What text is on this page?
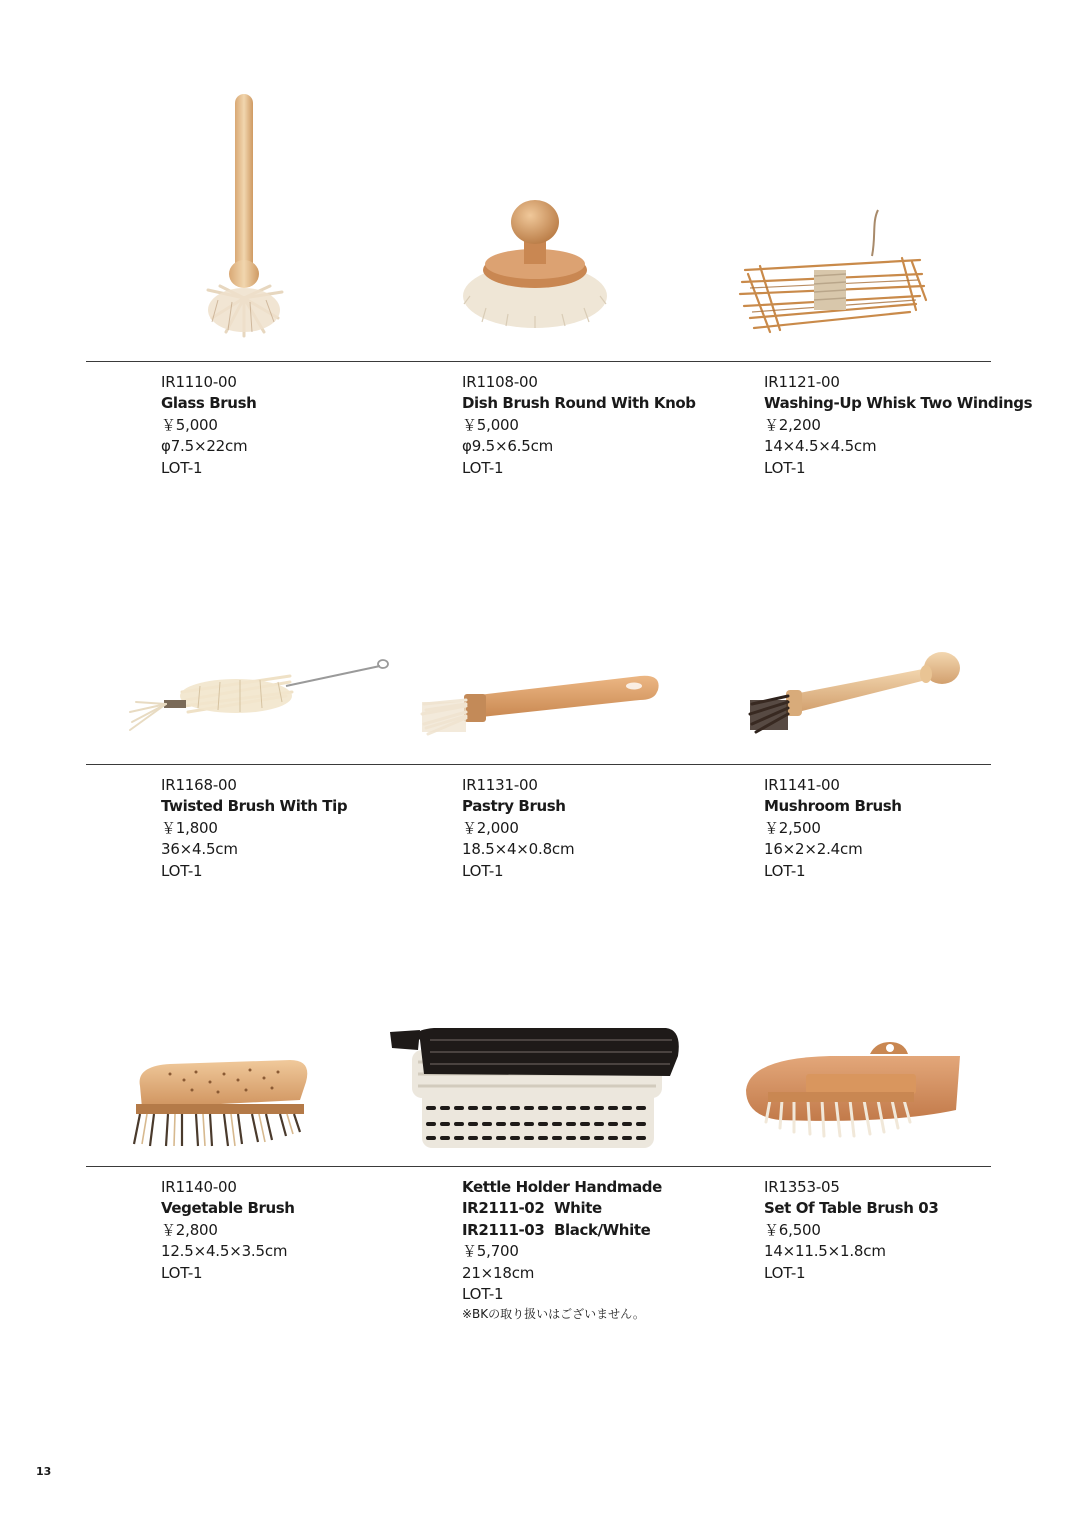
IR1110-00
Glass Brush
￥5,000
φ7.5×22cm
LOT-1
IR1108-00
Dish Brush Round With Knob
￥5,000
φ9.5×6.5cm
LOT-1
IR1121-00
Washing-Up Whisk Two Windings
￥2,200
14×4.5×4.5cm
LOT-1
IR1168-00
Twisted Brush With Tip
￥1,800
36×4.5cm
LOT-1
IR1131-00
Pastry Brush
￥2,000
18.5×4×0.8cm
LOT-1
IR1141-00
Mushroom Brush
￥2,500
16×2×2.4cm
LOT-1
IR1140-00
Vegetable Brush
￥2,800
12.5×4.5×3.5cm
LOT-1
Kettle Holder Handmade
IR2111-02  White
IR2111-03  Black/White
￥5,700
21×18cm
LOT-1
※BKの取り扱いはございません。
IR1353-05
Set Of Table Brush 03
￥6,500
14×11.5×1.8cm
LOT-1
13
